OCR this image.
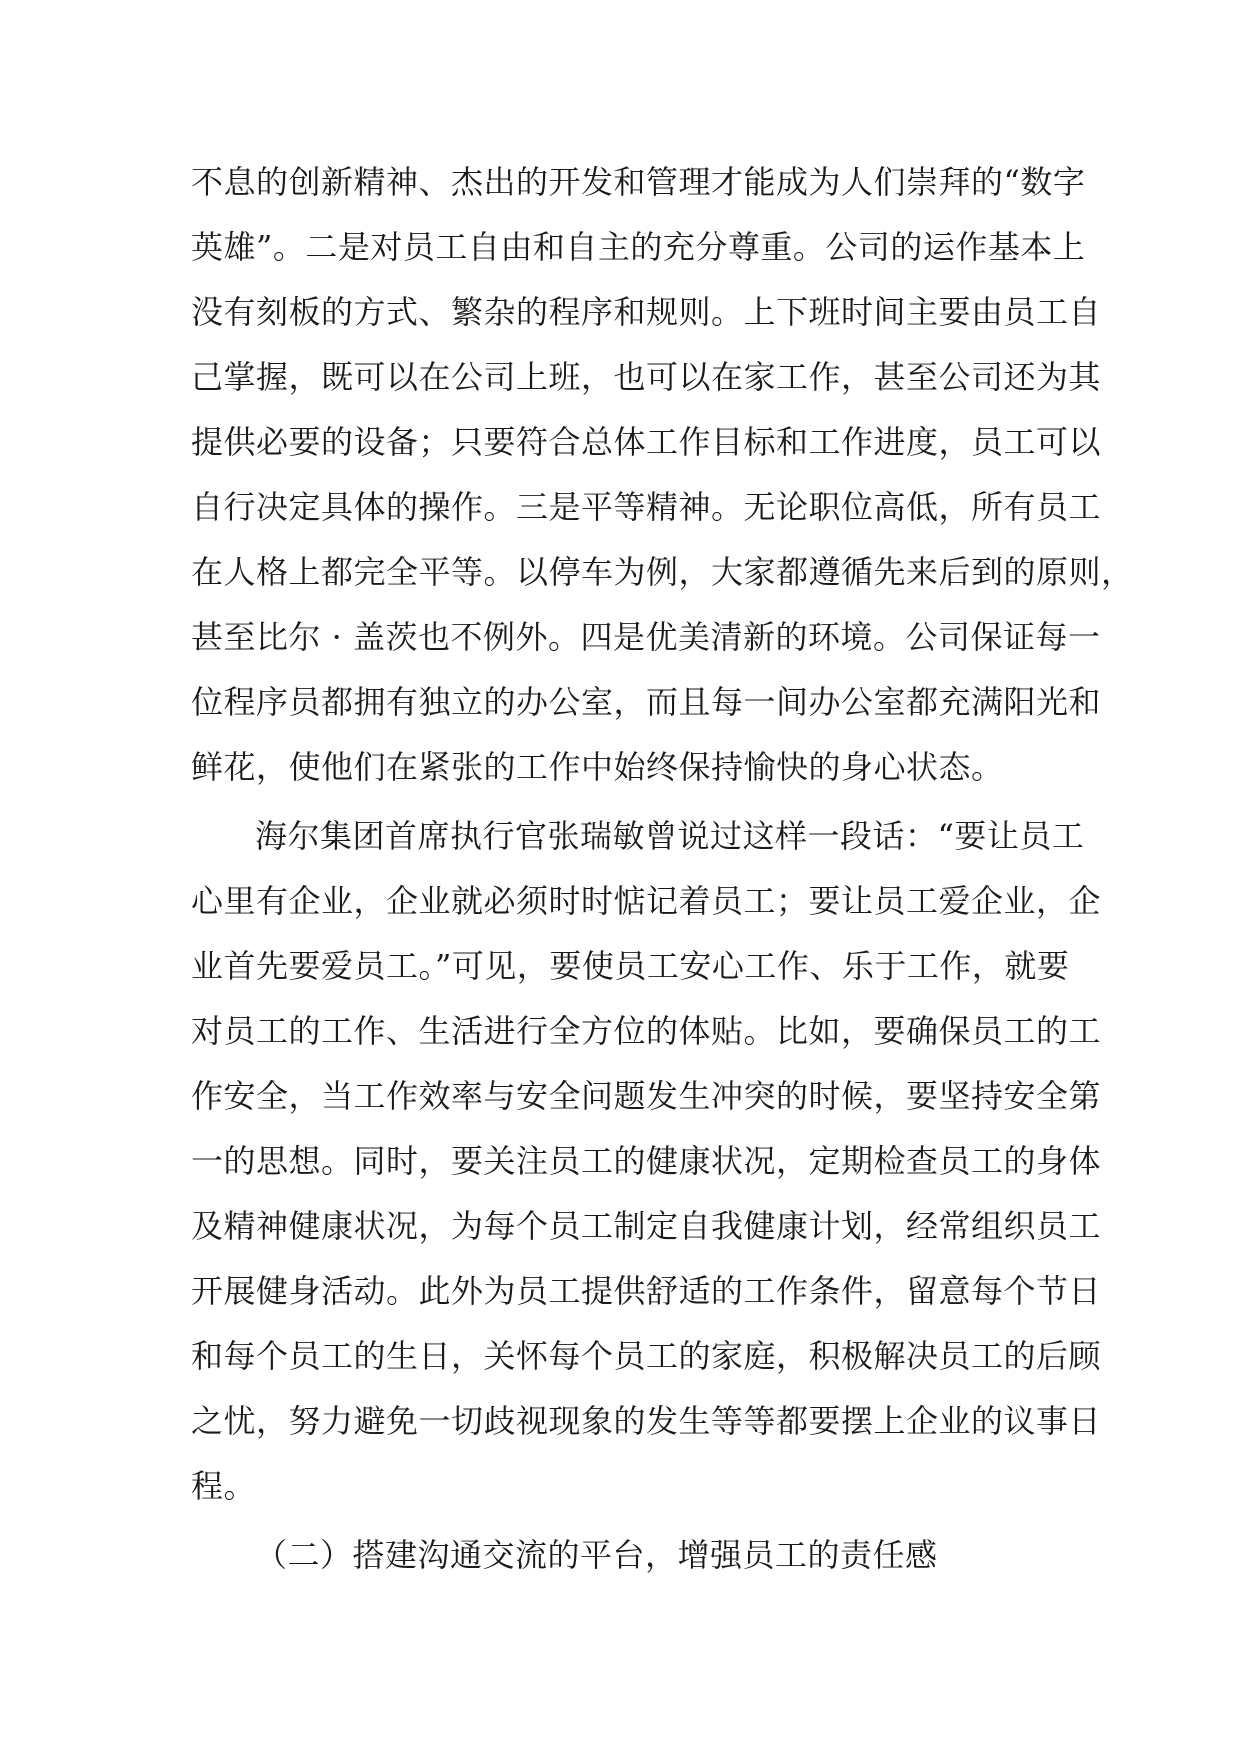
不息的创新精神、杰出的开发和管理才能成为人们崇拜的“数字
英雄”。二是对员工自由和自主的充分尊重。公司的运作基本上
没有刻板的方式、繁杂的程序和规则。上下班时间主要由员工自
己掌握，既可以在公司上班，也可以在家工作，甚至公司还为其
提供必要的设备；只要符合总体工作目标和工作进度，员工可以
自行决定具体的操作。三是平等精神。无论职位高低，所有员工
在人格上都完全平等。以停车为例，大家都遵循先来后到的原则，
甚至比尔 · 盖茨也不例外。四是优美清新的环境。公司保证每一
位程序员都拥有独立的办公室，而且每一间办公室都充满阳光和
鲜花，使他们在紧张的工作中始终保持愉快的身心状态。
海尔集团首席执行官张瑞敏曾说过这样一段话：“要让员工
心里有企业，企业就必须时时惦记着员工；要让员工爱企业，企
业首先要爱员工。”可见，要使员工安心工作、乐于工作，就要
对员工的工作、生活进行全方位的体贴。比如，要确保员工的工
作安全，当工作效率与安全问题发生冲突的时候，要坚持安全第
一的思想。同时，要关注员工的健康状况，定期检查员工的身体
及精神健康状况，为每个员工制定自我健康计划，经常组织员工
开展健身活动。此外为员工提供舒适的工作条件，留意每个节日
和每个员工的生日，关怀每个员工的家庭，积极解决员工的后顾
之忧，努力避免一切歧视现象的发生等等都要摆上企业的议事日
程。
（二）搭建沟通交流的平台，增强员工的责任感
